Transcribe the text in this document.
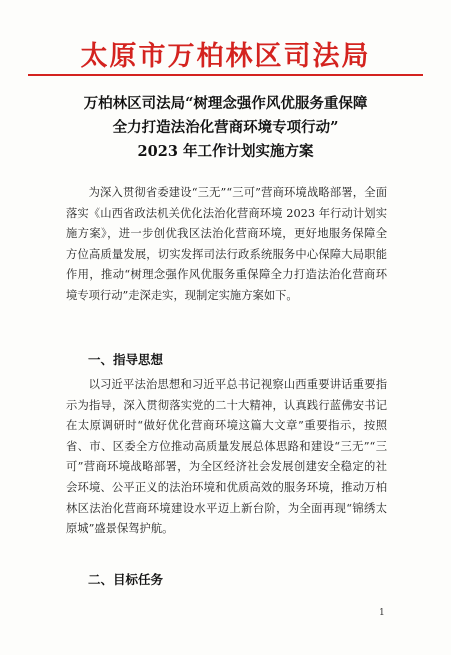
太原市万柏林区司法局
万柏林区司法局“树理念强作风优服务重保障
全力打造法治化营商环境专项行动”
2023 年工作计划实施方案

为深入贯彻省委建设“三无”“三可”营商环境战略部署，全面落实《山西省政法机关优化法治化营商环境 2023 年行动计划实施方案》，进一步创优我区法治化营商环境，更好地服务保障全方位高质量发展，切实发挥司法行政系统服务中心保障大局职能作用，推动“树理念强作风优服务重保障全力打造法治化营商环境专项行动”走深走实，现制定实施方案如下。

一、指导思想

以习近平法治思想和习近平总书记视察山西重要讲话重要指示为指导，深入贯彻落实党的二十大精神，认真践行蓝佛安书记在太原调研时“做好优化营商环境这篇大文章”重要指示，按照省、市、区委全方位推动高质量发展总体思路和建设“三无”“三可”营商环境战略部署，为全区经济社会发展创建安全稳定的社会环境、公平正义的法治环境和优质高效的服务环境，推动万柏林区法治化营商环境建设水平迈上新台阶，为全面再现“锦绣太原城”盛景保驾护航。

二、目标任务
1
